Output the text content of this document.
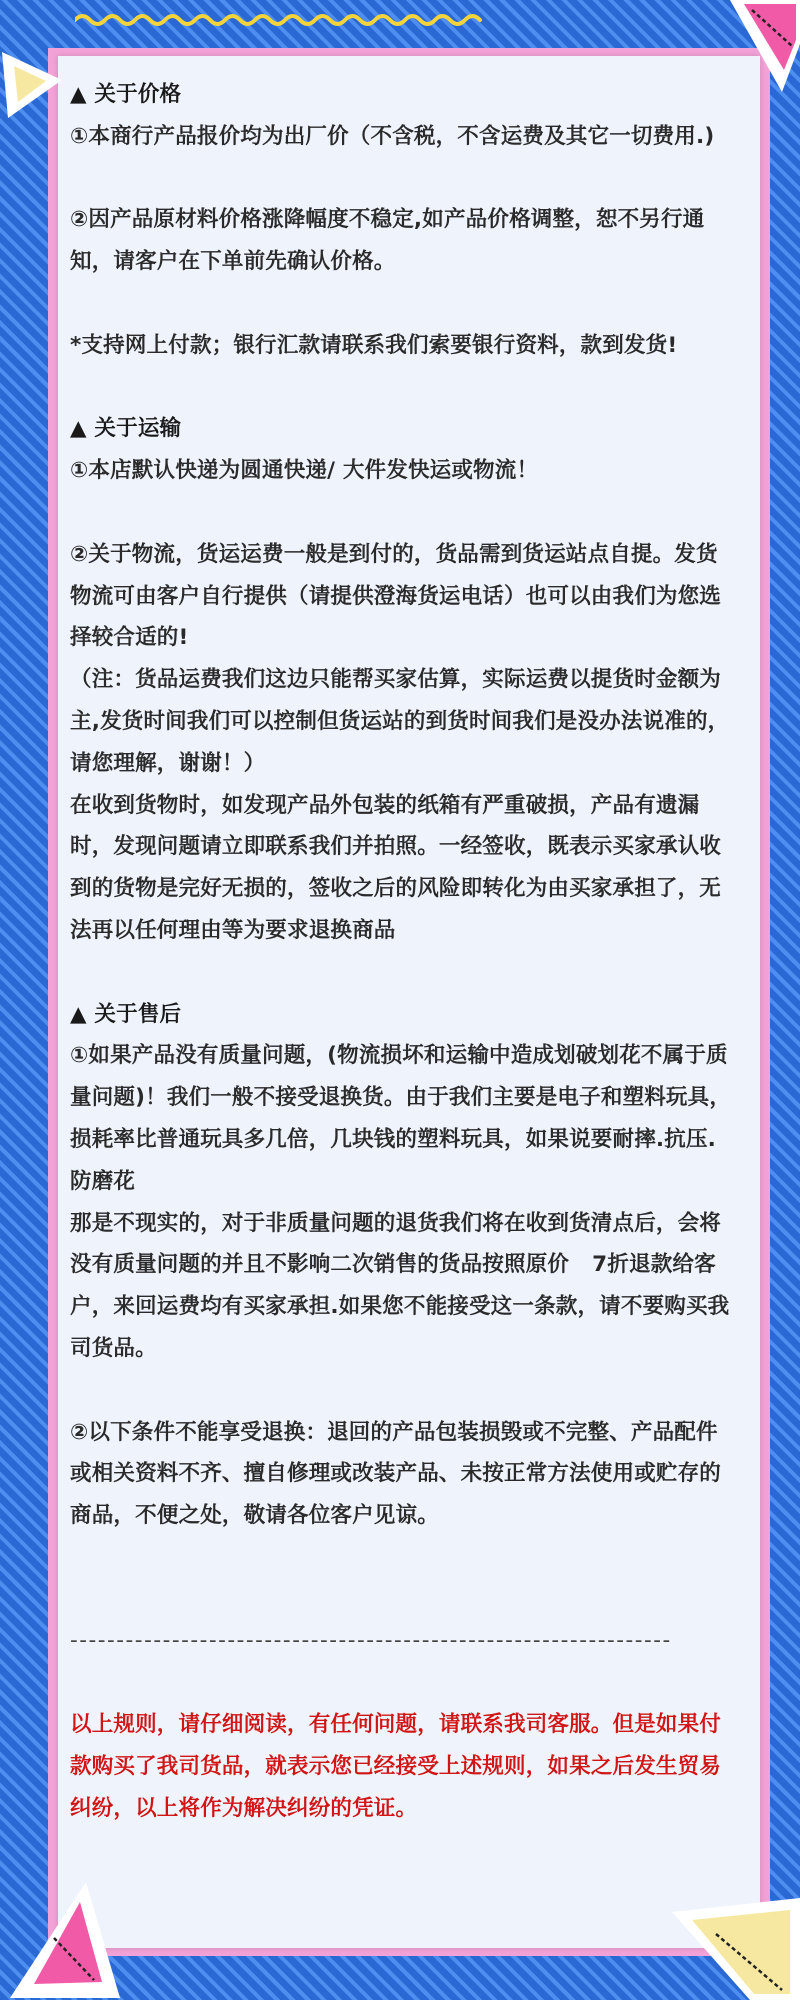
▲ 关于价格

①本商行产品报价均为出厂价（不含税，不含运费及其它一切费用.)

②因产品原材料价格涨降幅度不稳定,如产品价格调整，恕不另行通知，请客户在下单前先确认价格。

*支持网上付款；银行汇款请联系我们索要银行资料，款到发货!

▲ 关于运输

①本店默认快递为圆通快递/ 大件发快运或物流！

②关于物流，货运运费一般是到付的，货品需到货运站点自提。发货物流可由客户自行提供（请提供澄海货运电话）也可以由我们为您选择较合适的!

（注：货品运费我们这边只能帮买家估算，实际运费以提货时金额为主,发货时间我们可以控制但货运站的到货时间我们是没办法说准的，请您理解，谢谢！）

在收到货物时，如发现产品外包装的纸箱有严重破损，产品有遗漏时，发现问题请立即联系我们并拍照。一经签收，既表示买家承认收到的货物是完好无损的，签收之后的风险即转化为由买家承担了，无法再以任何理由等为要求退换商品

▲ 关于售后

①如果产品没有质量问题，(物流损坏和运输中造成划破划花不属于质量问题)！我们一般不接受退换货。由于我们主要是电子和塑料玩具，损耗率比普通玩具多几倍，几块钱的塑料玩具，如果说要耐摔.抗压.防磨花

那是不现实的，对于非质量问题的退货我们将在收到货清点后，会将没有质量问题的并且不影响二次销售的货品按照原价   7折退款给客户，来回运费均有买家承担.如果您不能接受这一条款，请不要购买我司货品。

②以下条件不能享受退换：退回的产品包装损毁或不完整、产品配件或相关资料不齐、擅自修理或改装产品、未按正常方法使用或贮存的商品，不便之处，敬请各位客户见谅。

-----------------------------------------------------------------

以上规则，请仔细阅读，有任何问题，请联系我司客服。但是如果付款购买了我司货品，就表示您已经接受上述规则，如果之后发生贸易纠纷，以上将作为解决纠纷的凭证。
